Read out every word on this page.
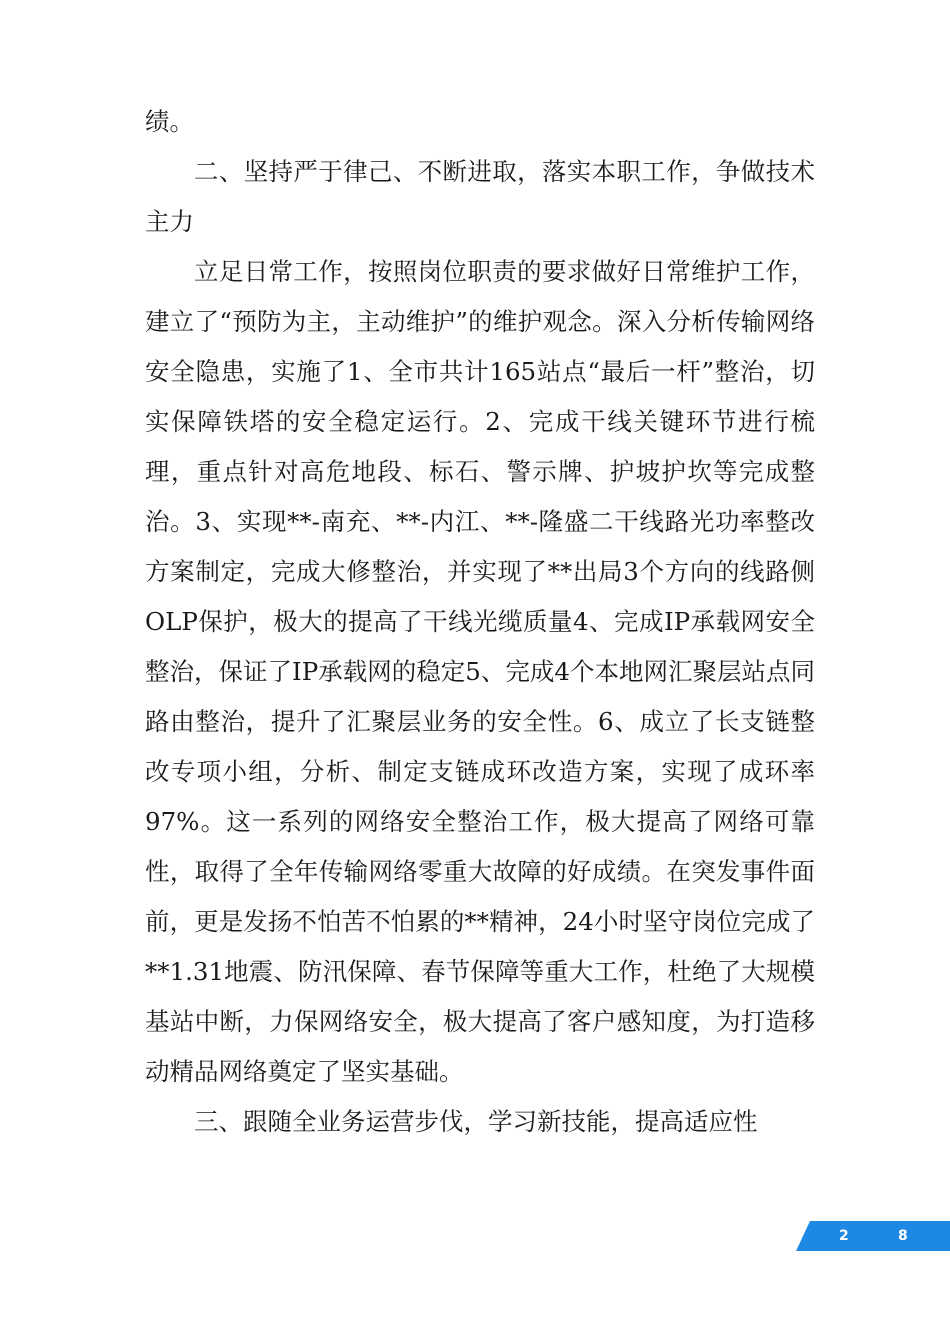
绩。

二、坚持严于律己、不断进取，落实本职工作，争做技术主力

立足日常工作，按照岗位职责的要求做好日常维护工作，建立了“预防为主，主动维护”的维护观念。深入分析传输网络安全隐患，实施了1、全市共计165站点“最后一杆”整治，切实保障铁塔的安全稳定运行。2、完成干线关键环节进行梳理，重点针对高危地段、标石、警示牌、护坡护坎等完成整治。3、实现**-南充、**-内江、**-隆盛二干线路光功率整改方案制定，完成大修整治，并实现了**出局3个方向的线路侧OLP保护，极大的提高了干线光缆质量4、完成IP承载网安全整治，保证了IP承载网的稳定5、完成4个本地网汇聚层站点同路由整治，提升了汇聚层业务的安全性。6、成立了长支链整改专项小组，分析、制定支链成环改造方案，实现了成环率97%。这一系列的网络安全整治工作，极大提高了网络可靠性，取得了全年传输网络零重大故障的好成绩。在突发事件面前，更是发扬不怕苦不怕累的**精神，24小时坚守岗位完成了**1.31地震、防汛保障、春节保障等重大工作，杜绝了大规模基站中断，力保网络安全，极大提高了客户感知度，为打造移动精品网络奠定了坚实基础。

三、跟随全业务运营步伐，学习新技能，提高适应性

2	8
